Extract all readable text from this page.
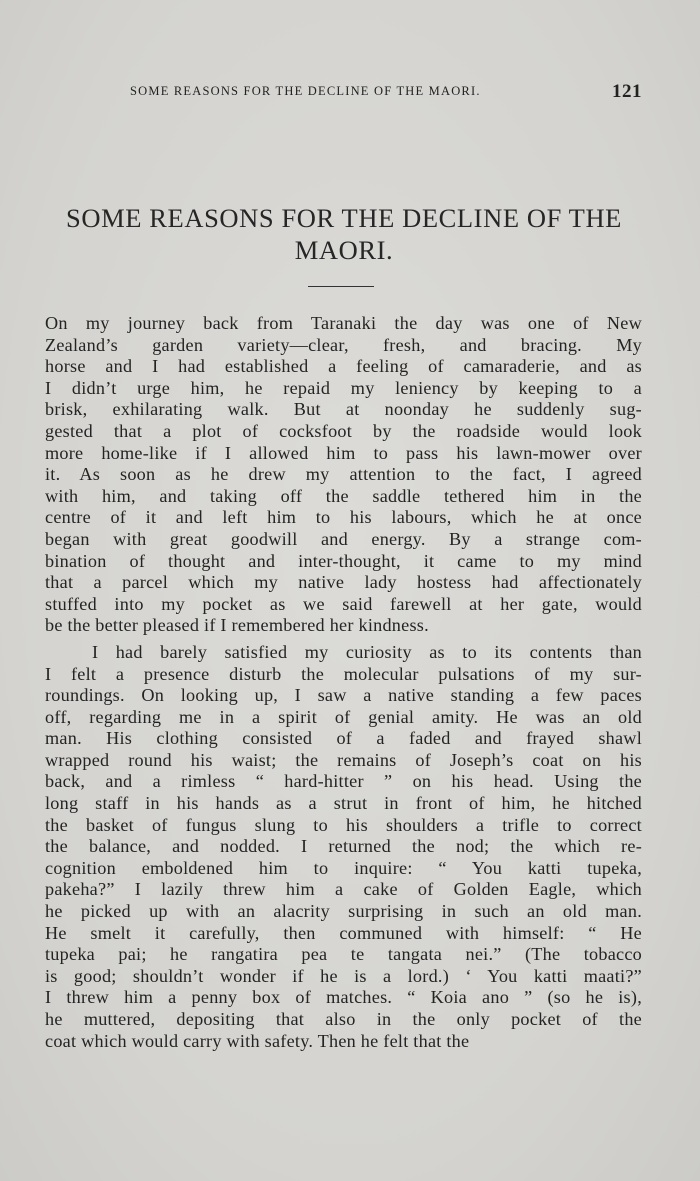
SOME REASONS FOR THE DECLINE OF THE MAORI.	121
SOME REASONS FOR THE DECLINE OF THE
MAORI.
On my journey back from Taranaki the day was one of New
Zealand’s garden variety—clear, fresh, and bracing. My
horse and I had established a feeling of camaraderie, and as
I didn’t urge him, he repaid my leniency by keeping to a
brisk, exhilarating walk. But at noonday he suddenly sug-
gested that a plot of cocksfoot by the roadside would look
more home-like if I allowed him to pass his lawn-mower over
it. As soon as he drew my attention to the fact, I agreed
with him, and taking off the saddle tethered him in the
centre of it and left him to his labours, which he at once
began with great goodwill and energy. By a strange com-
bination of thought and inter-thought, it came to my mind
that a parcel which my native lady hostess had affectionately
stuffed into my pocket as we said farewell at her gate, would
be the better pleased if I remembered her kindness.
I had barely satisfied my curiosity as to its contents than
I felt a presence disturb the molecular pulsations of my sur-
roundings. On looking up, I saw a native standing a few paces
off, regarding me in a spirit of genial amity. He was an old
man. His clothing consisted of a faded and frayed shawl
wrapped round his waist; the remains of Joseph’s coat on his
back, and a rimless “ hard-hitter ” on his head. Using the
long staff in his hands as a strut in front of him, he hitched
the basket of fungus slung to his shoulders a trifle to correct
the balance, and nodded. I returned the nod; the which re-
cognition emboldened him to inquire: “ You katti tupeka,
pakeha?” I lazily threw him a cake of Golden Eagle, which
he picked up with an alacrity surprising in such an old man.
He smelt it carefully, then communed with himself: “ He
tupeka pai; he rangatira pea te tangata nei.” (The tobacco
is good; shouldn’t wonder if he is a lord.) ‘ You katti maati?”
I threw him a penny box of matches. “ Koia ano ” (so he is),
he muttered, depositing that also in the only pocket of the
coat which would carry with safety. Then he felt that the
